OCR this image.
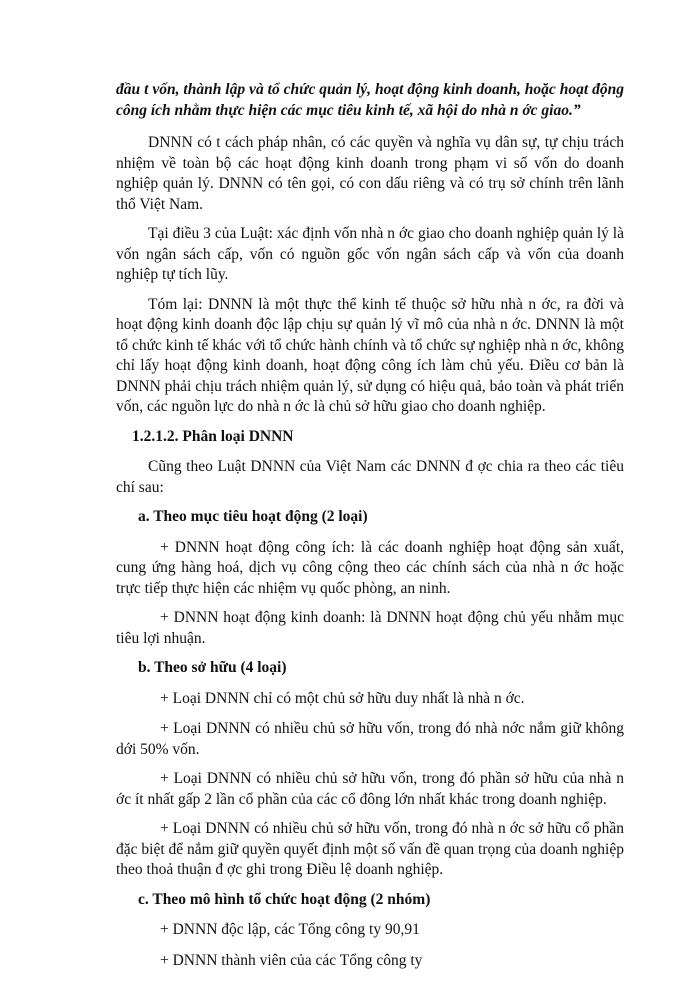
đầu t vốn, thành lập và tổ chức quản lý, hoạt động kinh doanh, hoặc hoạt động công ích nhằm thực hiện các mục tiêu kinh tế, xã hội do nhà n ớc giao.”

DNNN có t cách pháp nhân, có các quyền và nghĩa vụ dân sự, tự chịu trách nhiệm về toàn bộ các hoạt động kinh doanh trong phạm vi số vốn do doanh nghiệp quản lý. DNNN có tên gọi, có con dấu riêng và có trụ sở chính trên lãnh thổ Việt Nam.

Tại điều 3 của Luật: xác định vốn nhà n ớc giao cho doanh nghiệp quản lý là vốn ngân sách cấp, vốn có nguồn gốc vốn ngân sách cấp và vốn của doanh nghiệp tự tích lũy.

Tóm lại: DNNN là một thực thể kinh tế thuộc sở hữu nhà n ớc, ra đời và hoạt động kinh doanh độc lập chịu sự quản lý vĩ mô của nhà n ớc. DNNN là một tổ chức kinh tế khác với tổ chức hành chính và tổ chức sự nghiệp nhà n ớc, không chỉ lấy hoạt động kinh doanh, hoạt động công ích làm chủ yếu. Điều cơ bản là DNNN phải chịu trách nhiệm quản lý, sử dụng có hiệu quả, bảo toàn và phát triển vốn, các nguồn lực do nhà n ớc là chủ sở hữu giao cho doanh nghiệp.

1.2.1.2. Phân loại DNNN

Cũng theo Luật DNNN của Việt Nam các DNNN đ ợc chia ra theo các tiêu chí sau:

a. Theo mục tiêu hoạt động (2 loại)

+ DNNN hoạt động công ích: là các doanh nghiệp hoạt động sản xuất, cung ứng hàng hoá, dịch vụ công cộng theo các chính sách của nhà n ớc hoặc trực tiếp thực hiện các nhiệm vụ quốc phòng, an ninh.

+ DNNN hoạt động kinh doanh: là DNNN hoạt động chủ yếu nhằm mục tiêu lợi nhuận.

b. Theo sở hữu (4 loại)

+ Loại DNNN chỉ có một chủ sở hữu duy nhất là nhà n ớc.

+ Loại DNNN có nhiều chủ sở hữu vốn, trong đó nhà nớc nắm giữ không dới 50% vốn.

+ Loại DNNN có nhiều chủ sở hữu vốn, trong đó phần sở hữu của nhà n ớc ít nhất gấp 2 lần cổ phần của các cổ đông lớn nhất khác trong doanh nghiệp.

+ Loại DNNN có nhiều chủ sở hữu vốn, trong đó nhà n ớc sở hữu cổ phần đặc biệt để nắm giữ quyền quyết định một số vấn đề quan trọng của doanh nghiệp theo thoả thuận đ ợc ghi trong Điều lệ doanh nghiệp.

c. Theo mô hình tổ chức hoạt động (2 nhóm)

+ DNNN độc lập, các Tổng công ty 90,91

+ DNNN thành viên của các Tổng công ty
